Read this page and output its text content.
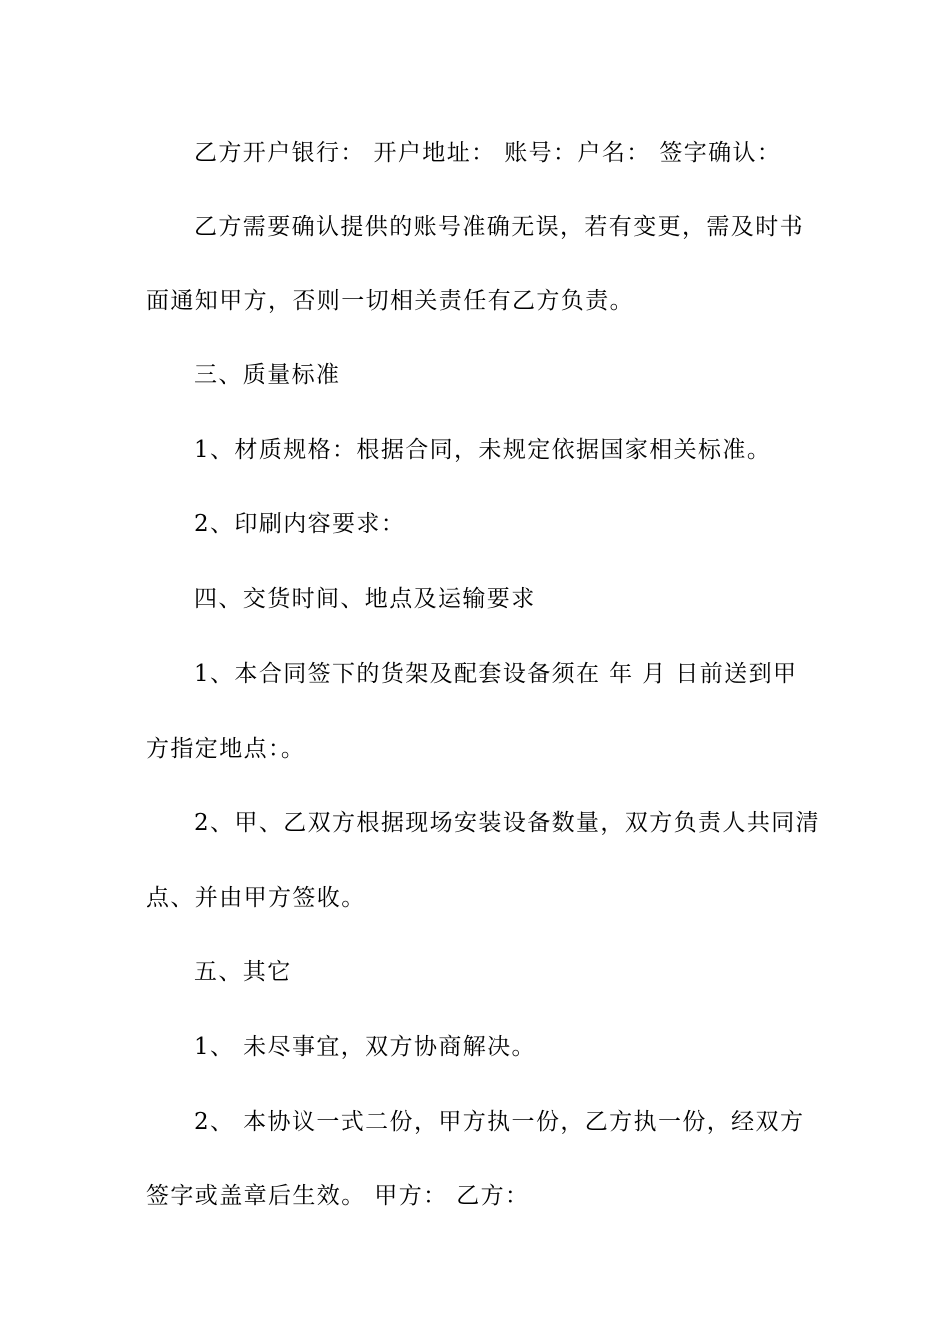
乙方开户银行： 开户地址： 账号：户名： 签字确认：
乙方需要确认提供的账号准确无误，若有变更，需及时书
面通知甲方，否则一切相关责任有乙方负责。
三、质量标准
1、材质规格：根据合同，未规定依据国家相关标准。
2、印刷内容要求：
四、交货时间、地点及运输要求
1、本合同签下的货架及配套设备须在 年 月 日前送到甲
方指定地点：。
2、甲、乙双方根据现场安装设备数量，双方负责人共同清
点、并由甲方签收。
五、其它
1、 未尽事宜，双方协商解决。
2、 本协议一式二份，甲方执一份，乙方执一份，经双方
签字或盖章后生效。 甲方： 乙方：
